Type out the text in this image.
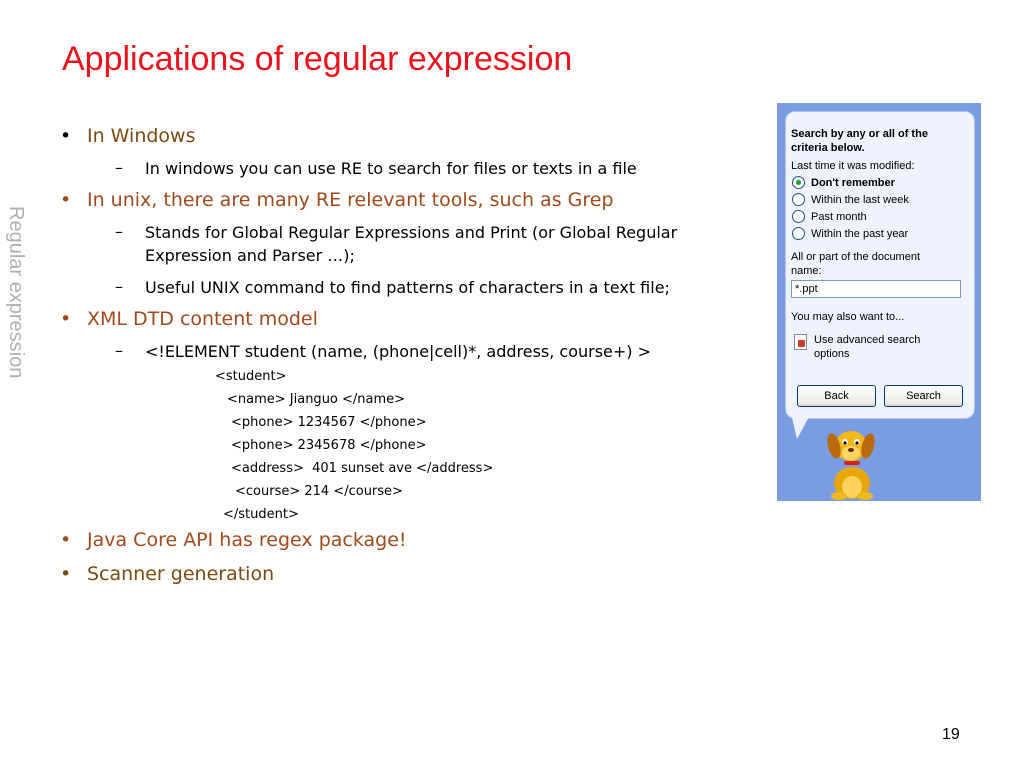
Applications of regular expression
Regular expression
• In Windows
– In windows you can use RE to search for files or texts in a file
• In unix, there are many RE relevant tools, such as Grep
– Stands for Global Regular Expressions and Print (or Global Regular
Expression and Parser …);
– Useful UNIX command to find patterns of characters in a text file;
• XML DTD content model
– <!ELEMENT student (name, (phone|cell)*, address, course+) >
<student>
<name> Jianguo </name>
<phone> 1234567 </phone>
<phone> 2345678 </phone>
<address>  401 sunset ave </address>
<course> 214 </course>
</student>
• Java Core API has regex package!
• Scanner generation
Search by any or all of the
criteria below.
Last time it was modified:
Don't remember
Within the last week
Past month
Within the past year
All or part of the document
name:
*.ppt
You may also want to...
Use advanced search
options
Back	Search
19
